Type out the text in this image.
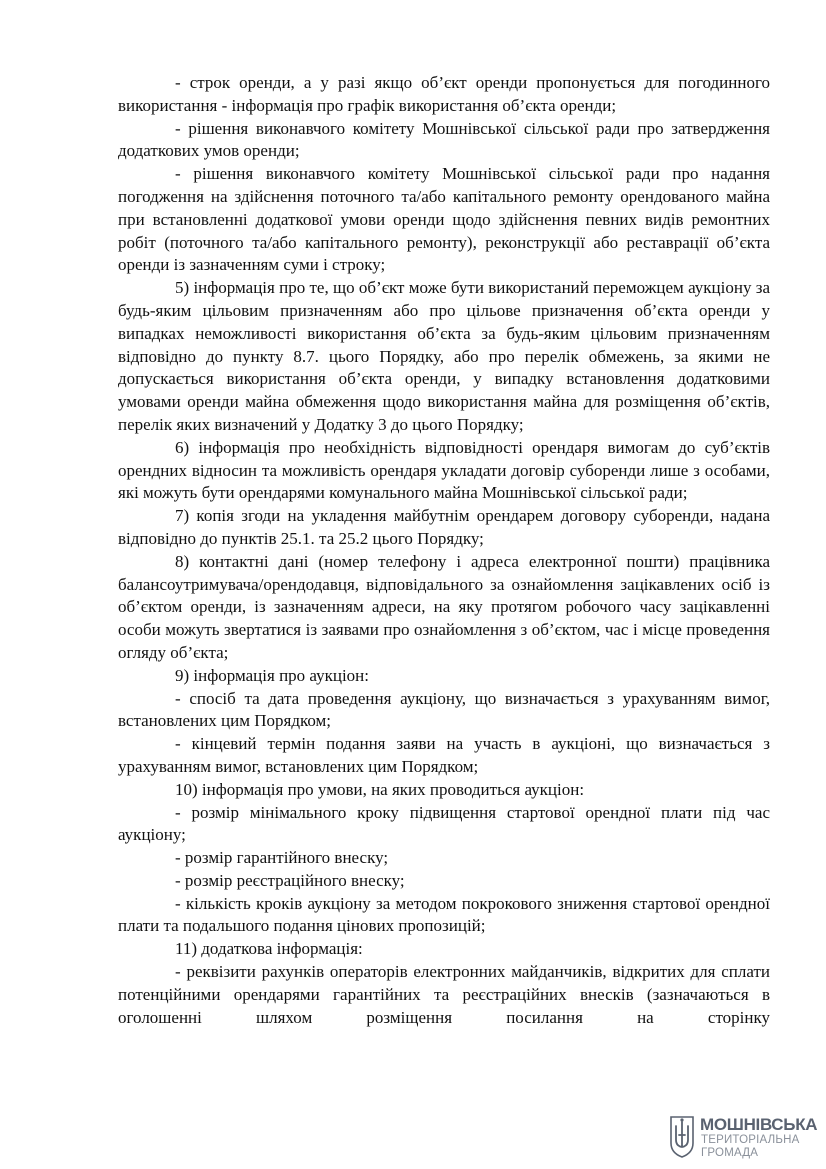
- строк оренди, а у разі якщо об’єкт оренди пропонується для погодинного використання - інформація про графік використання об’єкта оренди;

- рішення виконавчого комітету Мошнівської сільської ради про затвердження додаткових умов оренди;

- рішення виконавчого комітету Мошнівської сільської ради про надання погодження на здійснення поточного та/або капітального ремонту орендованого майна при встановленні додаткової умови оренди щодо здійснення певних видів ремонтних робіт (поточного та/або капітального ремонту), реконструкції або реставрації об’єкта оренди із зазначенням суми і строку;

5) інформація про те, що об’єкт може бути використаний переможцем аукціону за будь-яким цільовим призначенням або про цільове призначення об’єкта оренди у випадках неможливості використання об’єкта за будь-яким цільовим призначенням відповідно до пункту 8.7. цього Порядку, або про перелік обмежень, за якими не допускається використання об’єкта оренди, у випадку встановлення додатковими умовами оренди майна обмеження щодо використання майна для розміщення об’єктів, перелік яких визначений у Додатку 3 до цього Порядку;

6) інформація про необхідність відповідності орендаря вимогам до суб’єктів орендних відносин та можливість орендаря укладати договір суборенди лише з особами, які можуть бути орендарями комунального майна Мошнівської сільської ради;

7) копія згоди на укладення майбутнім орендарем договору суборенди, надана відповідно до пунктів 25.1. та 25.2 цього Порядку;

8) контактні дані (номер телефону і адреса електронної пошти) працівника балансоутримувача/орендодавця, відповідального за ознайомлення зацікавлених осіб із об’єктом оренди, із зазначенням адреси, на яку протягом робочого часу зацікавленні особи можуть звертатися із заявами про ознайомлення з об’єктом, час і місце проведення огляду об’єкта;

9) інформація про аукціон:

- спосіб та дата проведення аукціону, що визначається з урахуванням вимог, встановлених цим Порядком;

- кінцевий термін подання заяви на участь в аукціоні, що визначається з урахуванням вимог, встановлених цим Порядком;

10) інформація про умови, на яких проводиться аукціон:

- розмір мінімального кроку підвищення стартової орендної плати під час аукціону;

- розмір гарантійного внеску;

- розмір реєстраційного внеску;

- кількість кроків аукціону за методом покрокового зниження стартової орендної плати та подальшого подання цінових пропозицій;

11) додаткова інформація:

- реквізити рахунків операторів електронних майданчиків, відкритих для сплати потенційними орендарями гарантійних та реєстраційних внесків (зазначаються в оголошенні шляхом розміщення посилання на сторінку

МОШНІВСЬКА
ТЕРИТОРІАЛЬНА
ГРОМАДА
